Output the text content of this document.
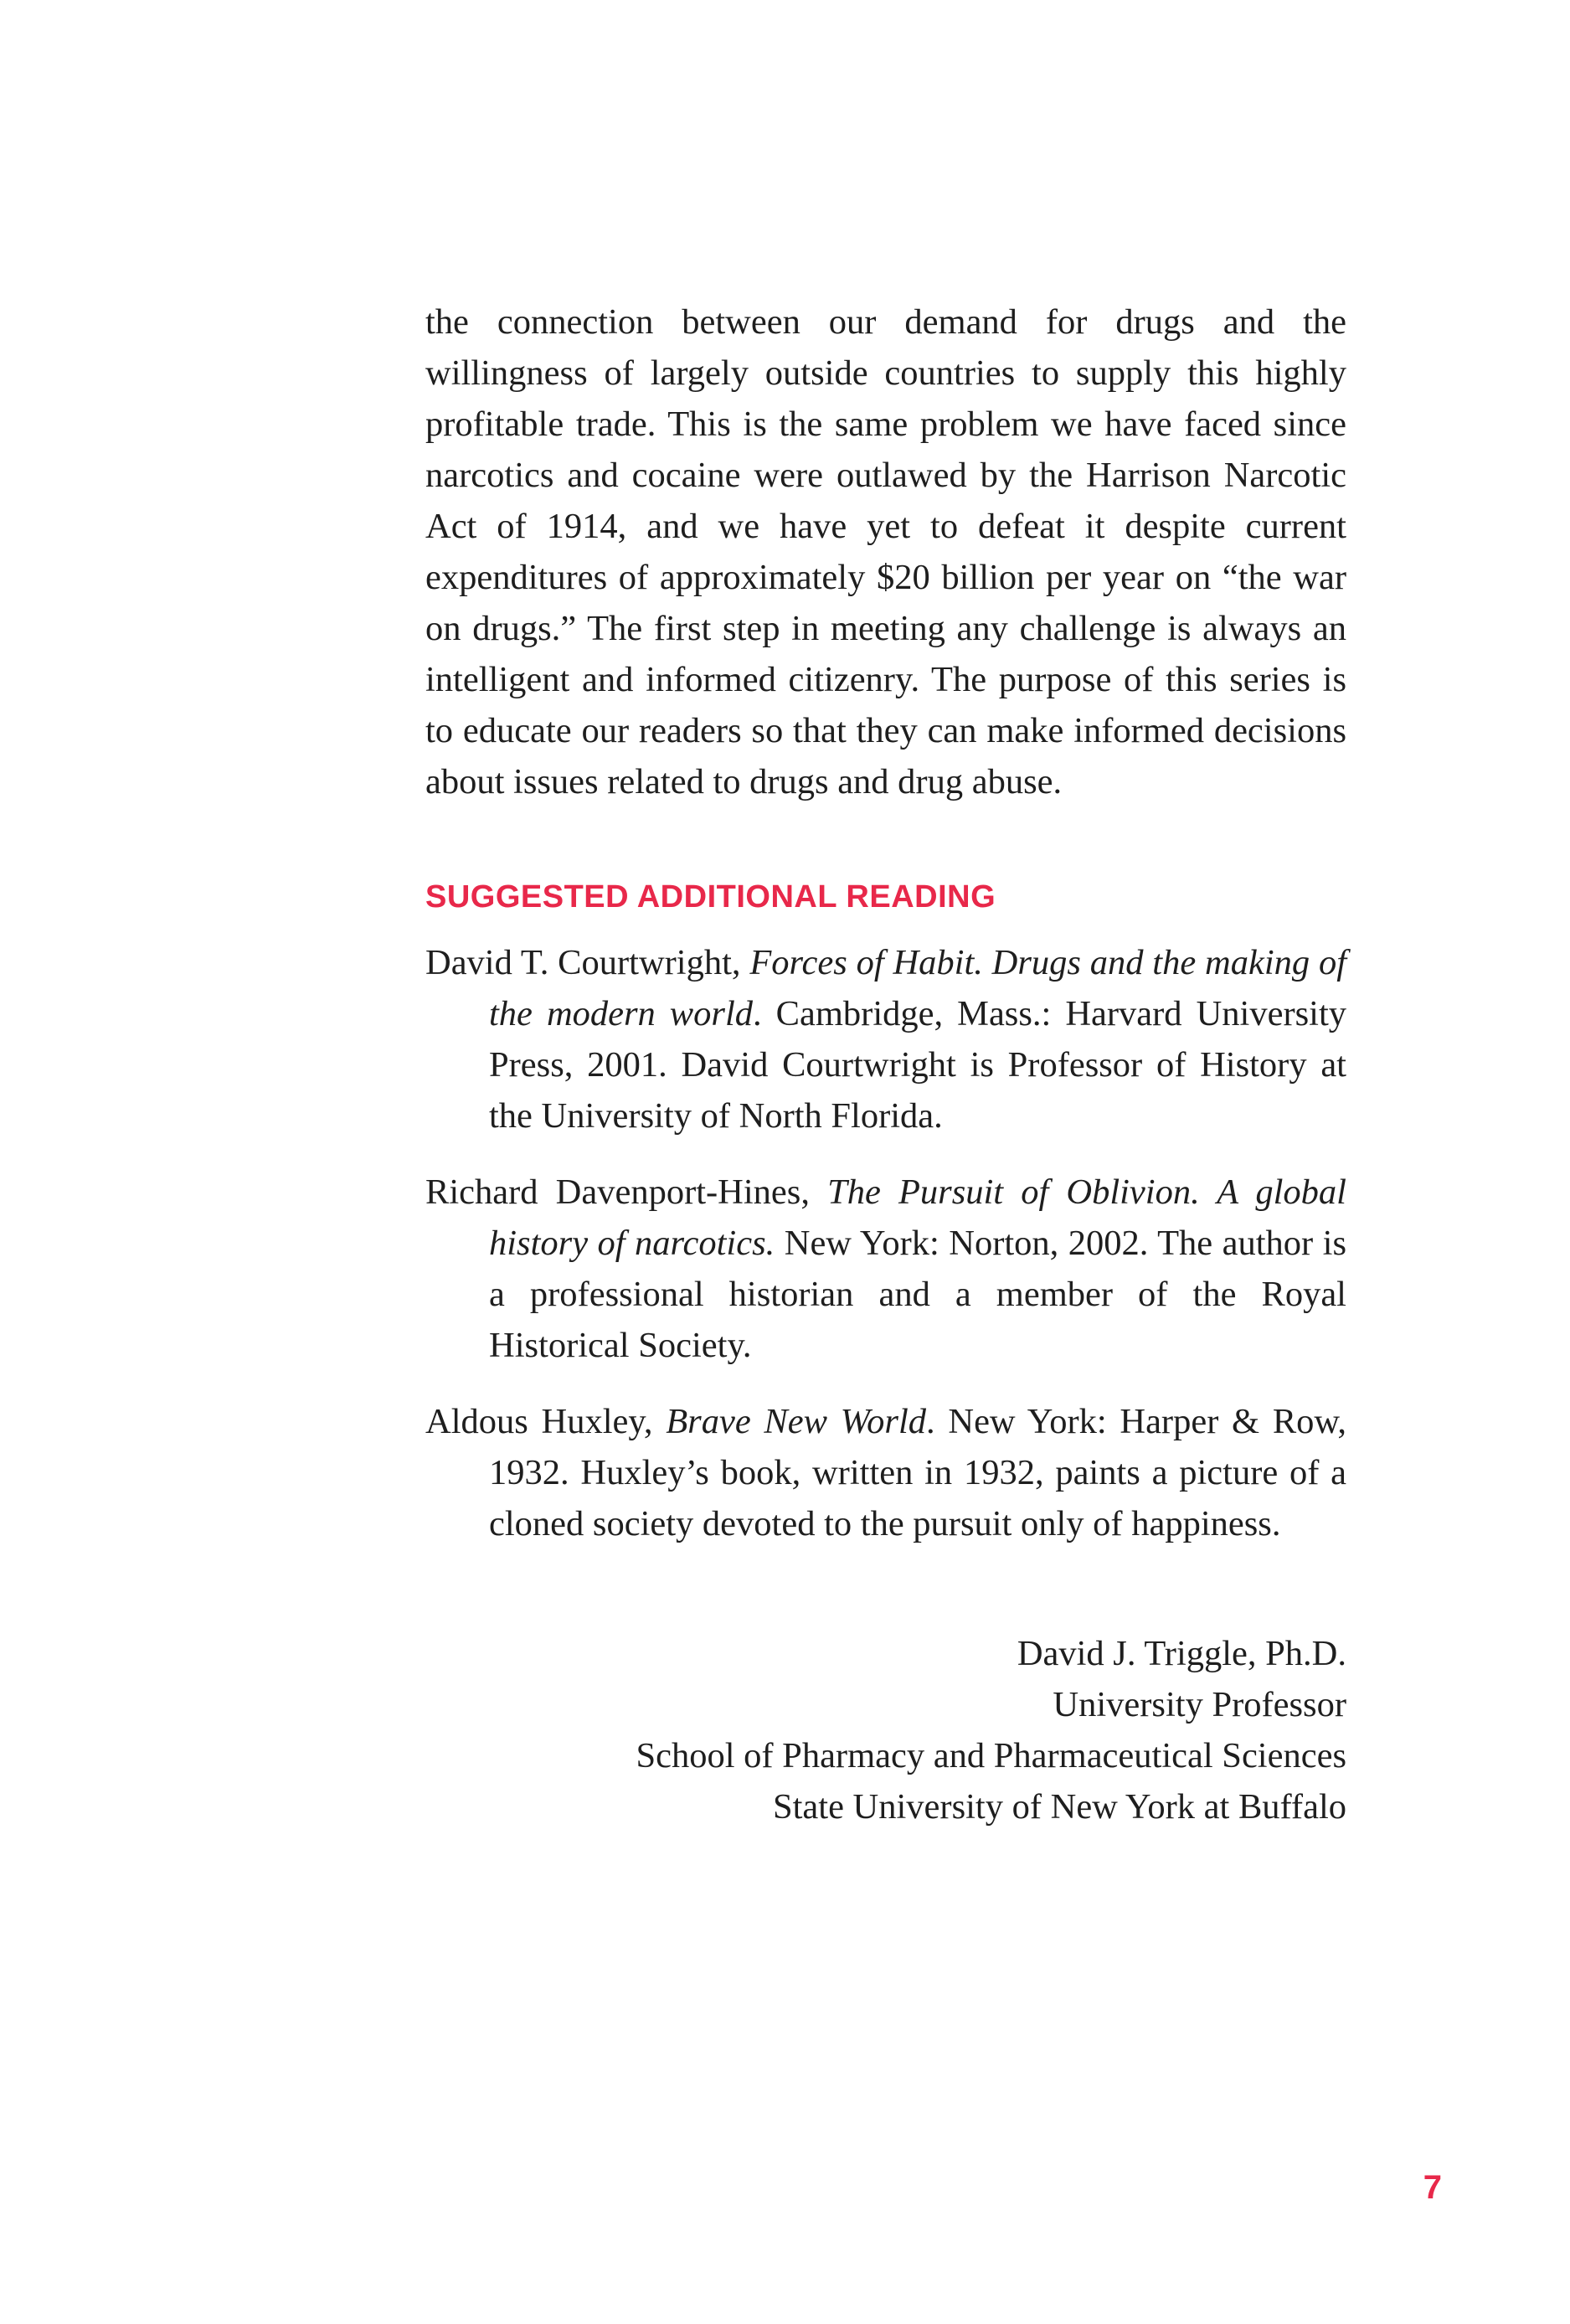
the connection between our demand for drugs and the willingness of largely outside countries to supply this highly profitable trade. This is the same problem we have faced since narcotics and cocaine were outlawed by the Harrison Narcotic Act of 1914, and we have yet to defeat it despite current expenditures of approximately $20 billion per year on “the war on drugs.” The first step in meeting any challenge is always an intelligent and informed citizenry. The purpose of this series is to educate our readers so that they can make informed decisions about issues related to drugs and drug abuse.

SUGGESTED ADDITIONAL READING

David T. Courtwright, Forces of Habit. Drugs and the making of the modern world. Cambridge, Mass.: Harvard University Press, 2001. David Courtwright is Professor of History at the University of North Florida.

Richard Davenport-Hines, The Pursuit of Oblivion. A global history of narcotics. New York: Norton, 2002. The author is a professional historian and a member of the Royal Historical Society.

Aldous Huxley, Brave New World. New York: Harper & Row, 1932. Huxley’s book, written in 1932, paints a picture of a cloned society devoted to the pursuit only of happiness.

David J. Triggle, Ph.D.
University Professor
School of Pharmacy and Pharmaceutical Sciences
State University of New York at Buffalo
7
